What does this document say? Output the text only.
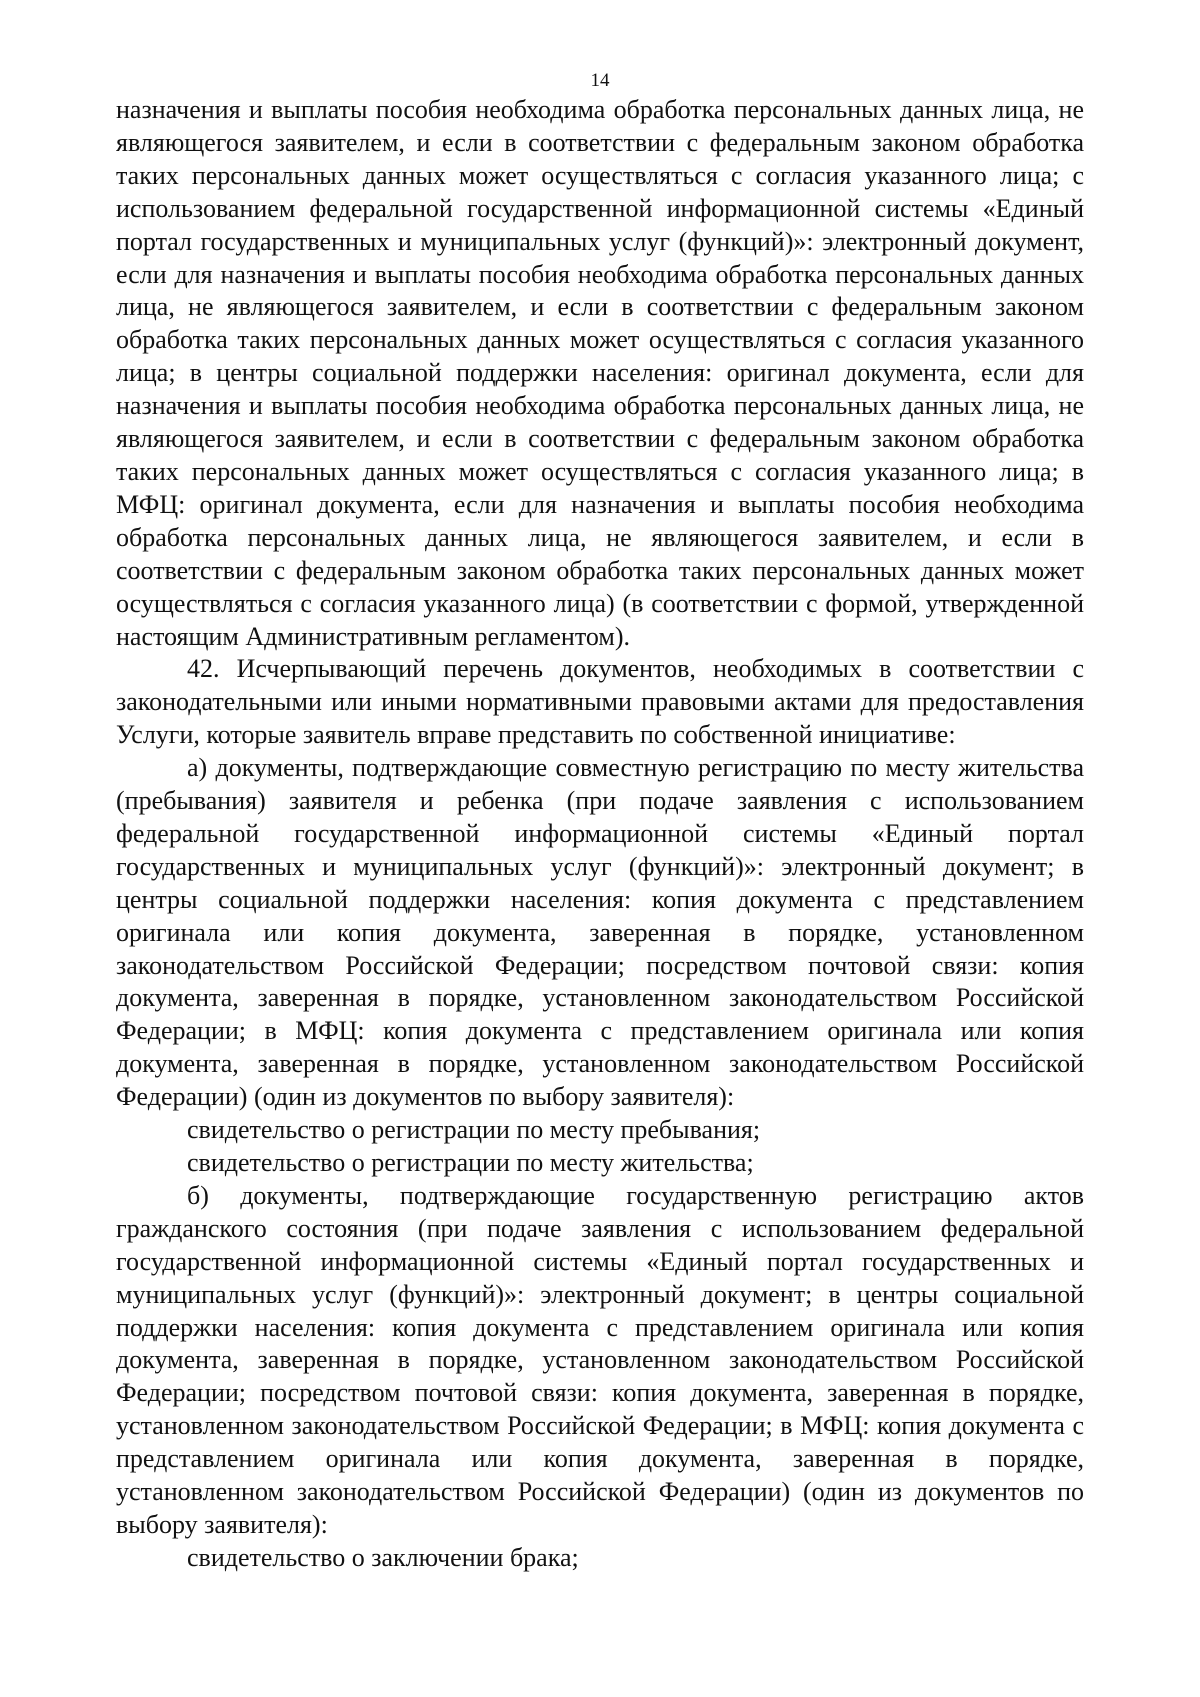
14

назначения и выплаты пособия необходима обработка персональных данных лица, не являющегося заявителем, и если в соответствии с федеральным законом обработка таких персональных данных может осуществляться с согласия указанного лица; с использованием федеральной государственной информационной системы «Единый портал государственных и муниципальных услуг (функций)»: электронный документ, если для назначения и выплаты пособия необходима обработка персональных данных лица, не являющегося заявителем, и если в соответствии с федеральным законом обработка таких персональных данных может осуществляться с согласия указанного лица; в центры социальной поддержки населения: оригинал документа, если для назначения и выплаты пособия необходима обработка персональных данных лица, не являющегося заявителем, и если в соответствии с федеральным законом обработка таких персональных данных может осуществляться с согласия указанного лица; в МФЦ: оригинал документа, если для назначения и выплаты пособия необходима обработка персональных данных лица, не являющегося заявителем, и если в соответствии с федеральным законом обработка таких персональных данных может осуществляться с согласия указанного лица) (в соответствии с формой, утвержденной настоящим Административным регламентом).

42. Исчерпывающий перечень документов, необходимых в соответствии с законодательными или иными нормативными правовыми актами для предоставления Услуги, которые заявитель вправе представить по собственной инициативе:

а) документы, подтверждающие совместную регистрацию по месту жительства (пребывания) заявителя и ребенка (при подаче заявления с использованием федеральной государственной информационной системы «Единый портал государственных и муниципальных услуг (функций)»: электронный документ; в центры социальной поддержки населения: копия документа с представлением оригинала или копия документа, заверенная в порядке, установленном законодательством Российской Федерации; посредством почтовой связи: копия документа, заверенная в порядке, установленном законодательством Российской Федерации; в МФЦ: копия документа с представлением оригинала или копия документа, заверенная в порядке, установленном законодательством Российской Федерации) (один из документов по выбору заявителя):

свидетельство о регистрации по месту пребывания;

свидетельство о регистрации по месту жительства;

б) документы, подтверждающие государственную регистрацию актов гражданского состояния (при подаче заявления с использованием федеральной государственной информационной системы «Единый портал государственных и муниципальных услуг (функций)»: электронный документ; в центры социальной поддержки населения: копия документа с представлением оригинала или копия документа, заверенная в порядке, установленном законодательством Российской Федерации; посредством почтовой связи: копия документа, заверенная в порядке, установленном законодательством Российской Федерации; в МФЦ: копия документа с представлением оригинала или копия документа, заверенная в порядке, установленном законодательством Российской Федерации) (один из документов по выбору заявителя):

свидетельство о заключении брака;
